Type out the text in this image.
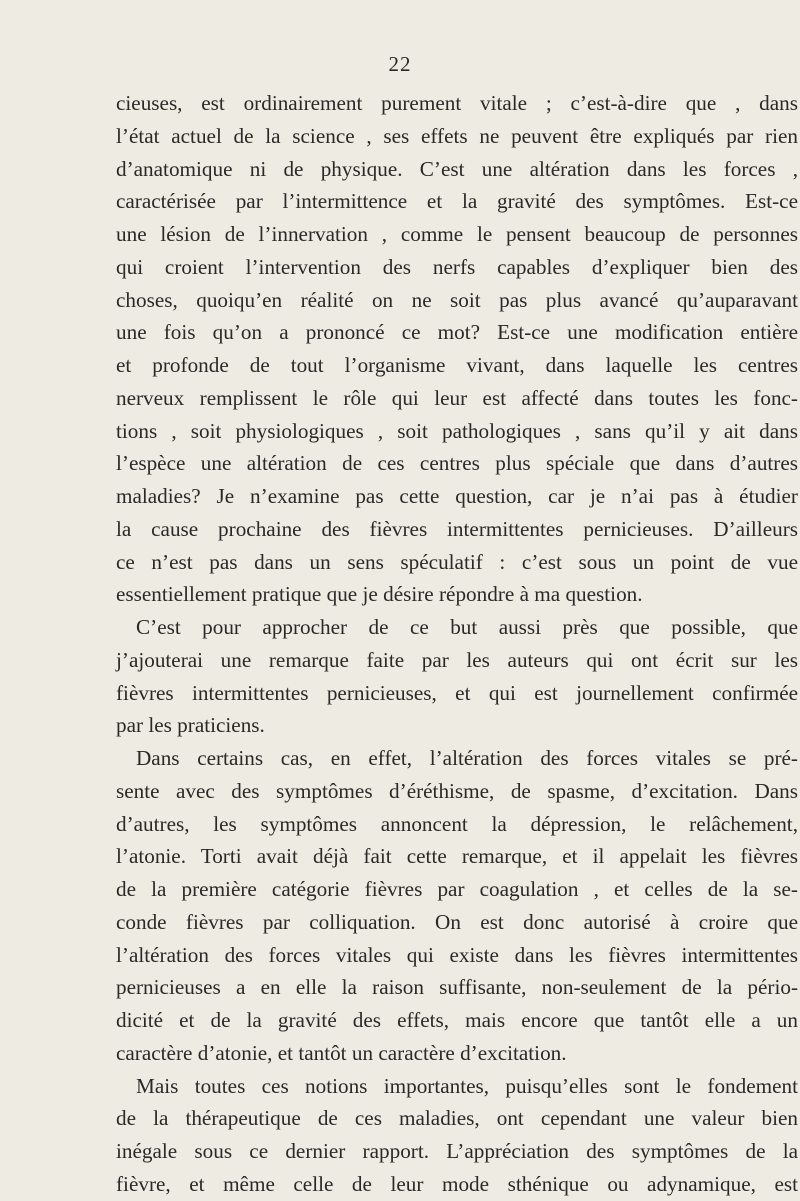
22
cieuses, est ordinairement purement vitale ; c’est-à-dire que , dans
l’état actuel de la science , ses effets ne peuvent être expliqués par rien
d’anatomique ni de physique. C’est une altération dans les forces ,
caractérisée par l’intermittence et la gravité des symptômes. Est-ce
une lésion de l’innervation , comme le pensent beaucoup de personnes
qui croient l’intervention des nerfs capables d’expliquer bien des
choses, quoiqu’en réalité on ne soit pas plus avancé qu’auparavant
une fois qu’on a prononcé ce mot? Est-ce une modification entière
et profonde de tout l’organisme vivant, dans laquelle les centres
nerveux remplissent le rôle qui leur est affecté dans toutes les fonc-
tions , soit physiologiques , soit pathologiques , sans qu’il y ait dans
l’espèce une altération de ces centres plus spéciale que dans d’autres
maladies? Je n’examine pas cette question, car je n’ai pas à étudier
la cause prochaine des fièvres intermittentes pernicieuses. D’ailleurs
ce n’est pas dans un sens spéculatif : c’est sous un point de vue
essentiellement pratique que je désire répondre à ma question.
C’est pour approcher de ce but aussi près que possible, que
j’ajouterai une remarque faite par les auteurs qui ont écrit sur les
fièvres intermittentes pernicieuses, et qui est journellement confirmée
par les praticiens.
Dans certains cas, en effet, l’altération des forces vitales se pré-
sente avec des symptômes d’éréthisme, de spasme, d’excitation. Dans
d’autres, les symptômes annoncent la dépression, le relâchement,
l’atonie. Torti avait déjà fait cette remarque, et il appelait les fièvres
de la première catégorie fièvres par coagulation , et celles de la se-
conde fièvres par colliquation. On est donc autorisé à croire que
l’altération des forces vitales qui existe dans les fièvres intermittentes
pernicieuses a en elle la raison suffisante, non-seulement de la pério-
dicité et de la gravité des effets, mais encore que tantôt elle a un
caractère d’atonie, et tantôt un caractère d’excitation.
Mais toutes ces notions importantes, puisqu’elles sont le fondement
de la thérapeutique de ces maladies, ont cependant une valeur bien
inégale sous ce dernier rapport. L’appréciation des symptômes de la
fièvre, et même celle de leur mode sthénique ou adynamique, est
